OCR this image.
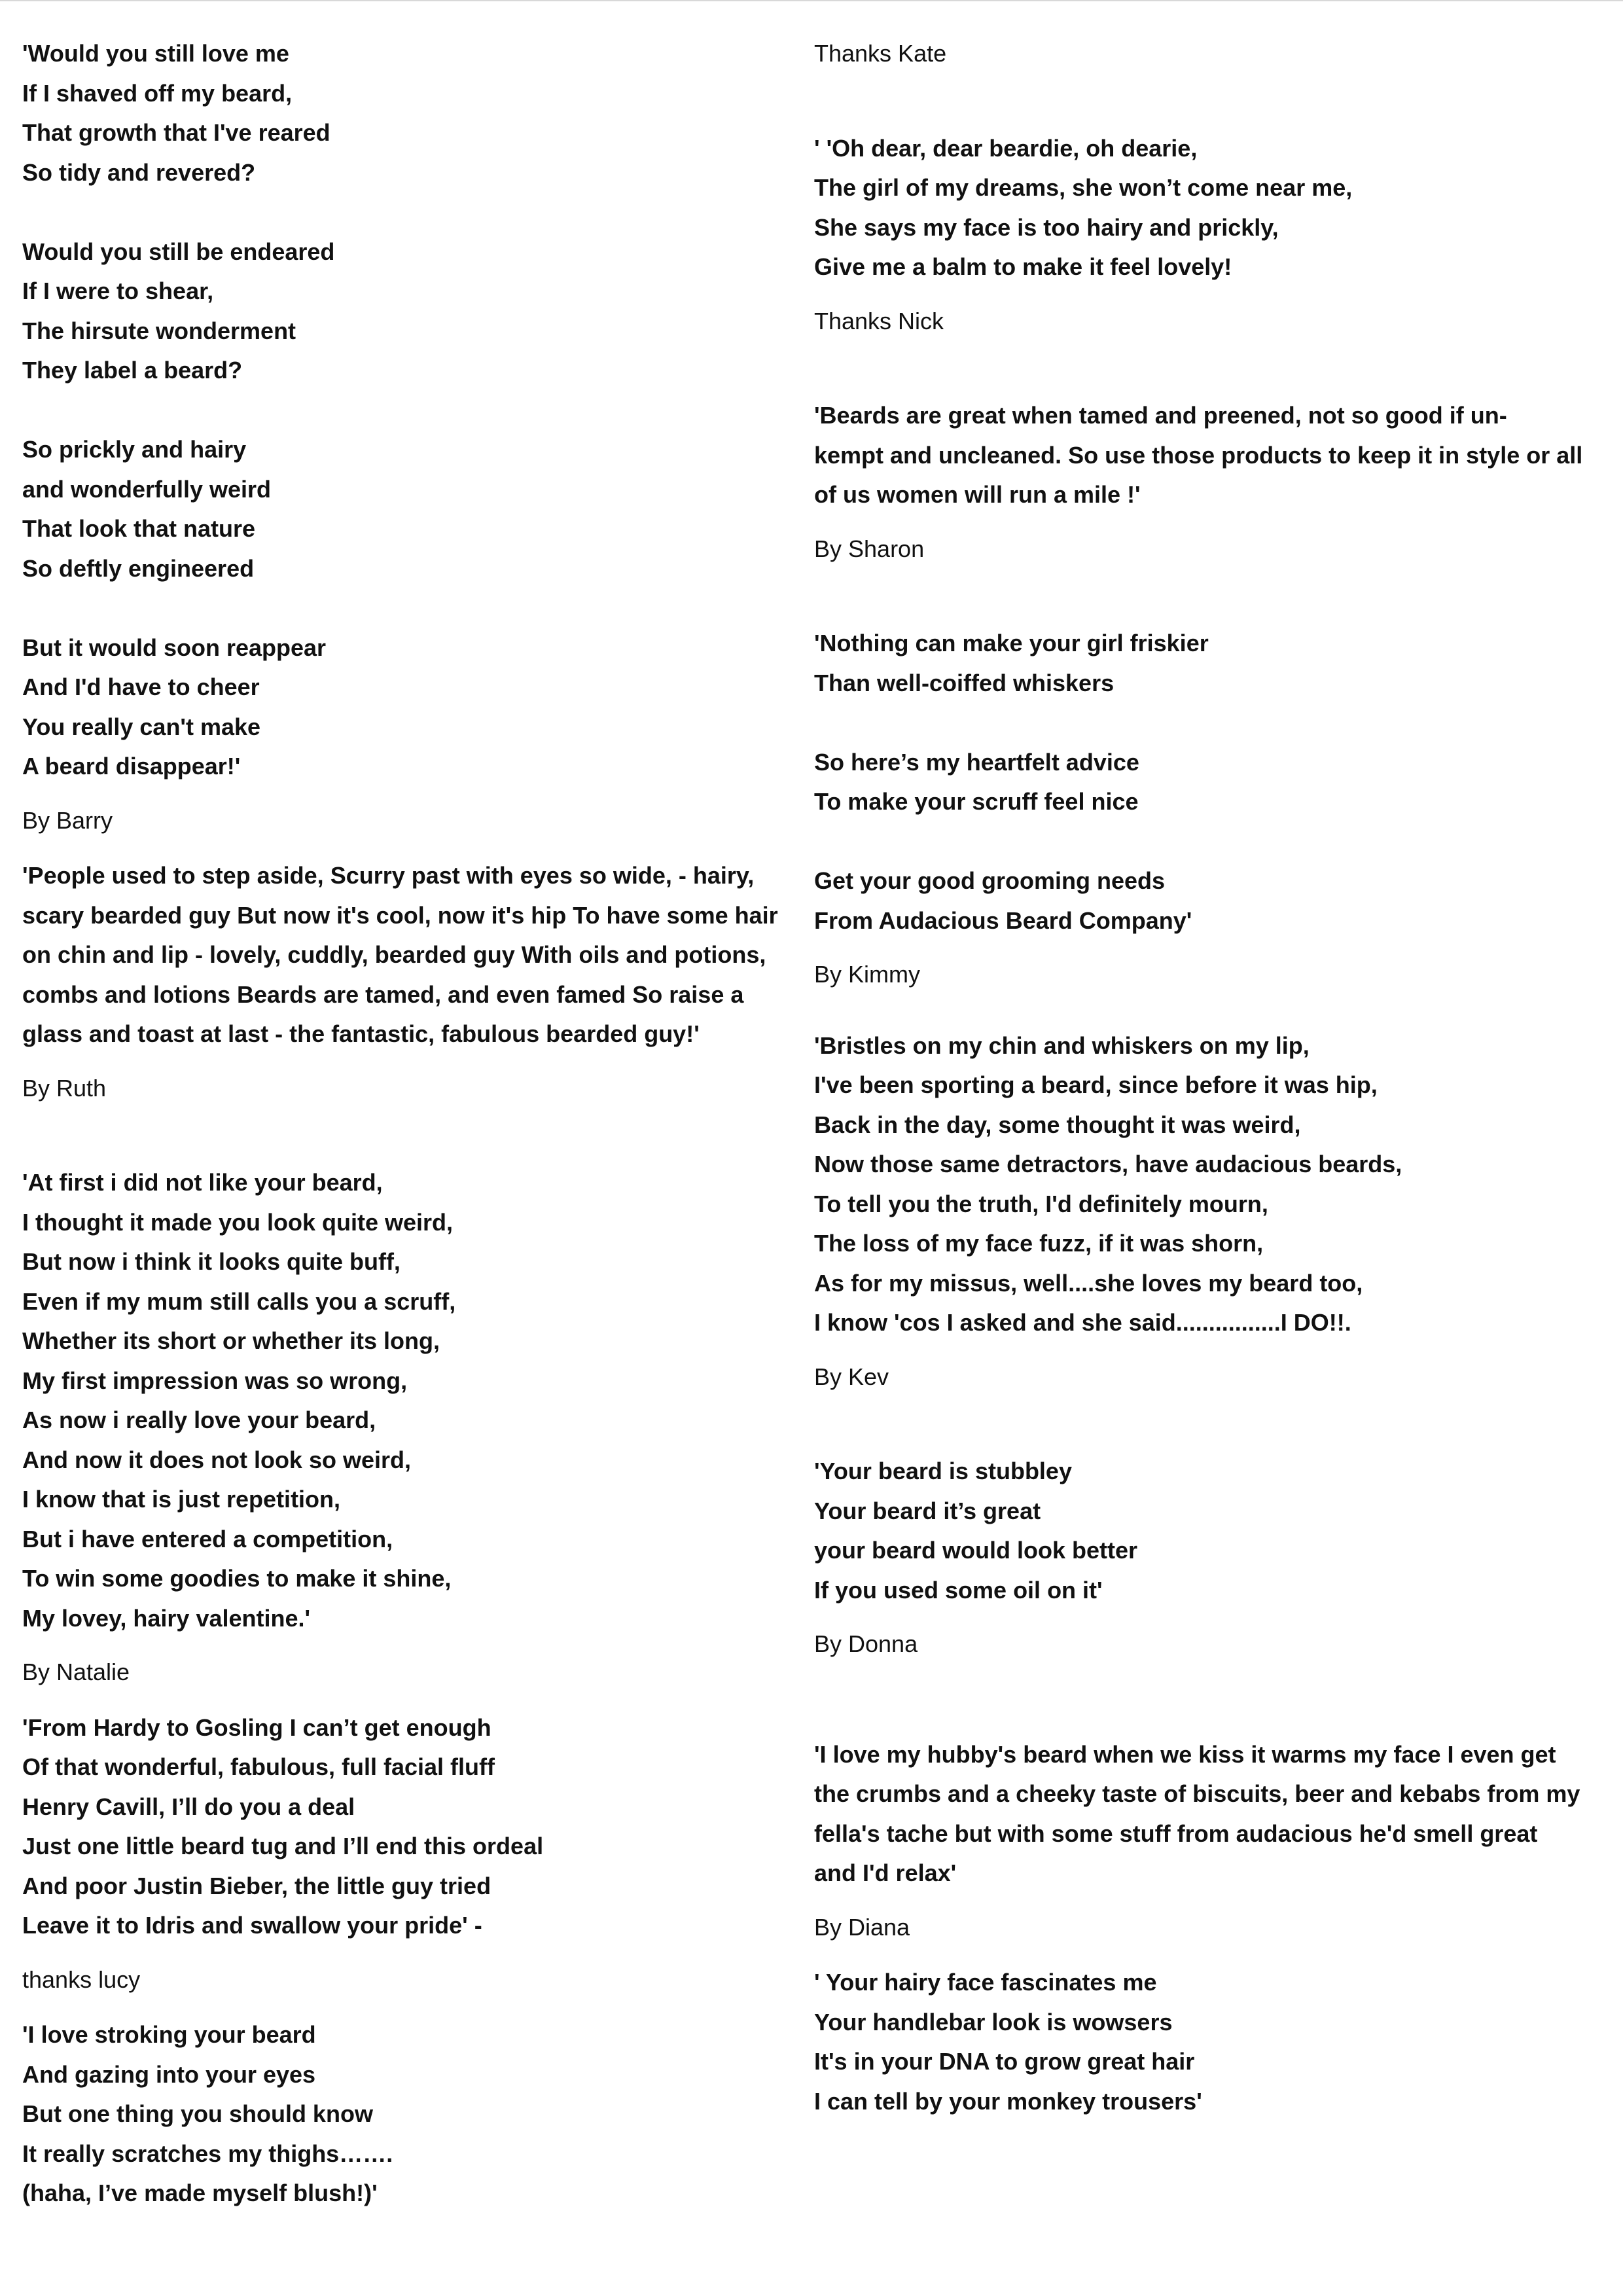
'Would you still love me

If I shaved off my beard,

That growth that I've reared

So tidy and revered?

Would you still be endeared

If I were to shear,

The hirsute wonderment

They label a beard?

So prickly and hairy

and wonderfully weird

That look that nature

So deftly engineered

But it would soon reappear

And I'd have to cheer

You really can't make

A beard disappear!'

By Barry

'People used to step aside, Scurry past with eyes so wide, - hairy,

scary bearded guy But now it's cool, now it's hip To have some hair

on chin and lip - lovely, cuddly, bearded guy With oils and potions,

combs and lotions Beards are tamed, and even famed So raise a

glass and toast at last - the fantastic, fabulous bearded guy!'

By Ruth

'At first i did not like your beard,

I thought it made you look quite weird,

But now i think it looks quite buff,

Even if my mum still calls you a scruff,

Whether its short or whether its long,

My first impression was so wrong,

As now i really love your beard,

And now it does not look so weird,

I know that is just repetition,

But i have entered a competition,

To win some goodies to make it shine,

My lovey, hairy valentine.'

By Natalie

'From Hardy to Gosling I can’t get enough

Of that wonderful, fabulous, full facial fluff

Henry Cavill, I’ll do you a deal

Just one little beard tug and I’ll end this ordeal

And poor Justin Bieber, the little guy tried

Leave it to Idris and swallow your pride' -

thanks lucy

'I love stroking your beard

And gazing into your eyes

But one thing you should know

It really scratches my thighs…….

(haha, I’ve made myself blush!)'

Thanks Kate

' 'Oh dear, dear beardie, oh dearie,

The girl of my dreams, she won’t come near me,

She says my face is too hairy and prickly,

Give me a balm to make it feel lovely!

Thanks Nick

'Beards are great when tamed and preened, not so good if un-

kempt and uncleaned. So use those products to keep it in style or all

of us women will run a mile !'

By Sharon

'Nothing can make your girl friskier

Than well-coiffed whiskers

So here’s my heartfelt advice

To make your scruff feel nice

Get your good grooming needs

From Audacious Beard Company'

By Kimmy

'Bristles on my chin and whiskers on my lip,

I've been sporting a beard, since before it was hip,

Back in the day, some thought it was weird,

Now those same detractors, have audacious beards,

To tell you the truth, I'd definitely mourn,

The loss of my face fuzz, if it was shorn,

As for my missus, well....she loves my beard too,

I know 'cos I asked and she said................I DO!!.

By Kev

'Your beard is stubbley

Your beard it’s great

your beard would look better

If you used some oil on it'

By Donna

'I love my hubby's beard when we kiss it warms my face I even get

the crumbs and a cheeky taste of biscuits, beer and kebabs from my

fella's tache but with some stuff from audacious he'd smell great

and I'd relax'

By Diana

' Your hairy face fascinates me

Your handlebar look is wowsers

It's in your DNA to grow great hair

I can tell by your monkey trousers'
